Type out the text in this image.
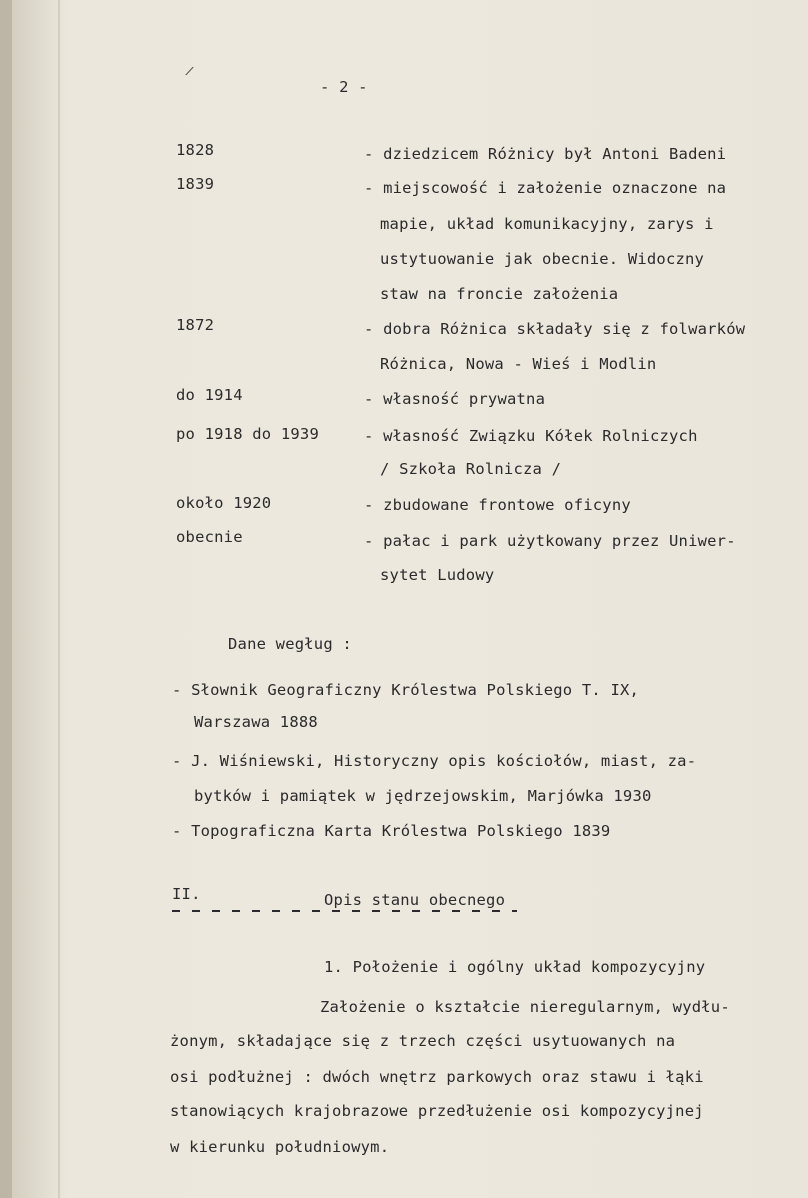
/
- 2 -
1828	- dziedzicem Różnicy był Antoni Badeni
1839	- miejscowość i założenie oznaczone na
mapie, układ komunikacyjny, zarys i
ustytuowanie jak obecnie. Widoczny
staw na froncie założenia
1872	- dobra Różnica składały się z folwarków
Różnica, Nowa - Wieś i Modlin
do 1914	- własność prywatna
po 1918 do 1939	- własność Związku Kółek Rolniczych
/ Szkoła Rolnicza /
około 1920	- zbudowane frontowe oficyny
obecnie	- pałac i park użytkowany przez Uniwer-
sytet Ludowy
Dane wegług :
- Słownik Geograficzny Królestwa Polskiego T. IX,
Warszawa 1888
- J. Wiśniewski, Historyczny opis kościołów, miast, za-
bytków i pamiątek w jędrzejowskim, Marjówka 1930
- Topograficzna Karta Królestwa Polskiego 1839
II.	Opis stanu obecnego
1. Położenie i ogólny układ kompozycyjny
Założenie o kształcie nieregularnym, wydłu-
żonym, składające się z trzech części usytuowanych na
osi podłużnej : dwóch wnętrz parkowych oraz stawu i łąki
stanowiących krajobrazowe przedłużenie osi kompozycyjnej
w kierunku południowym.
